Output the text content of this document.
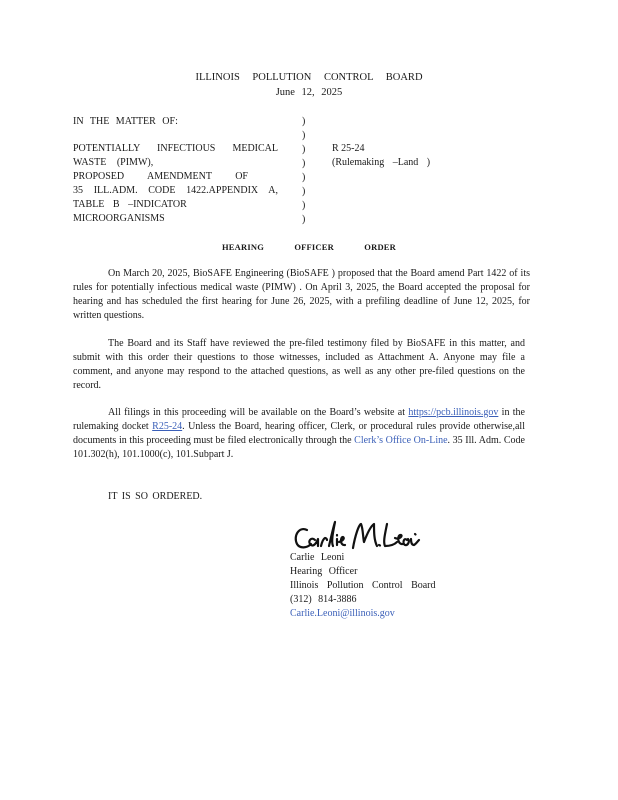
ILLINOIS POLLUTION CONTROL BOARD
June 12, 2025
IN THE MATTER OF:
POTENTIALLY INFECTIOUS MEDICAL
WASTE (PIMW),

PROPOSED AMENDMENT OF
35 ILL.ADM. CODE 1422.APPENDIX A,
TABLE B –INDICATOR
MICROORGANISMS
)
)
)
)
)
)
)
)
R 25-24
(Rulemaking –Land )
HEARING OFFICER ORDER
On March 20, 2025, BioSAFE Engineering (BioSAFE ) proposed that the Board amend Part 1422 of its rules for potentially infectious medical waste (PIMW) . On April 3, 2025, the Board accepted the proposal for hearing and has scheduled the first hearing for June 26, 2025, with a prefiling deadline of June 12, 2025, for written questions.
The Board and its Staff have reviewed the pre-filed testimony filed by BioSAFE in this matter, and submit with this order their questions to those witnesses, included as Attachment A. Anyone may file a comment, and anyone may respond to the attached questions, as well as any other pre-filed questions on the record.
All filings in this proceeding will be available on the Board’s website at https://pcb.illinois.gov in the rulemaking docket R25-24. Unless the Board, hearing officer, Clerk, or procedural rules provide otherwise,all documents in this proceeding must be filed electronically through the Clerk’s Office On-Line. 35 Ill. Adm. Code 101.302(h), 101.1000(c), 101.Subpart J.
IT IS SO ORDERED.
Carlie Leoni
Hearing Officer
Illinois Pollution Control Board
(312) 814-3886
Carlie.Leoni@illinois.gov
